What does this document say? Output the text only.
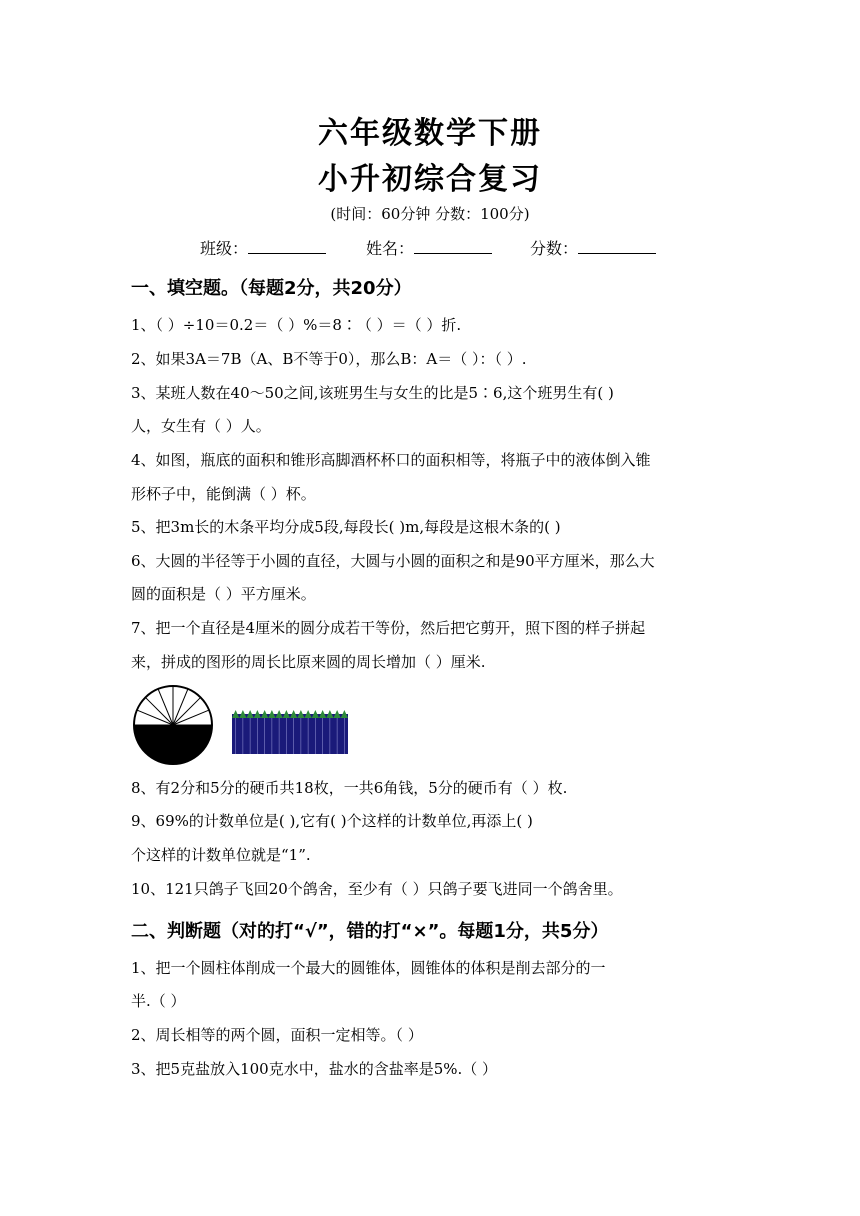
六年级数学下册
小升初综合复习
(时间：60分钟 分数：100分)
班级：	姓名：	分数：
一、填空题。（每题2分，共20分）
1、（ ）÷10＝0.2＝（ ）%＝8∶（ ）＝（ ）折.
2、如果3A＝7B（A、B不等于0），那么B：A＝（ ）：（ ）.
3、某班人数在40～50之间,该班男生与女生的比是5∶6,这个班男生有( )
人，女生有（ ）人。
4、如图，瓶底的面积和锥形高脚酒杯杯口的面积相等，将瓶子中的液体倒入锥
形杯子中，能倒满（ ）杯。
5、把3m长的木条平均分成5段,每段长( )m,每段是这根木条的( )
6、大圆的半径等于小圆的直径，大圆与小圆的面积之和是90平方厘米，那么大
圆的面积是（ ）平方厘米。
7、把一个直径是4厘米的圆分成若干等份，然后把它剪开，照下图的样子拼起
来，拼成的图形的周长比原来圆的周长增加（ ）厘米.
8、有2分和5分的硬币共18枚，一共6角钱，5分的硬币有（ ）枚.
9、69%的计数单位是( ),它有( )个这样的计数单位,再添上( )
个这样的计数单位就是“1”.
10、121只鸽子飞回20个鸽舍，至少有（ ）只鸽子要飞进同一个鸽舍里。
二、判断题（对的打“√”，错的打“×”。每题1分，共5分）
1、把一个圆柱体削成一个最大的圆锥体，圆锥体的体积是削去部分的一
半.（ ）
2、周长相等的两个圆，面积一定相等。（ ）
3、把5克盐放入100克水中，盐水的含盐率是5%.（ ）
